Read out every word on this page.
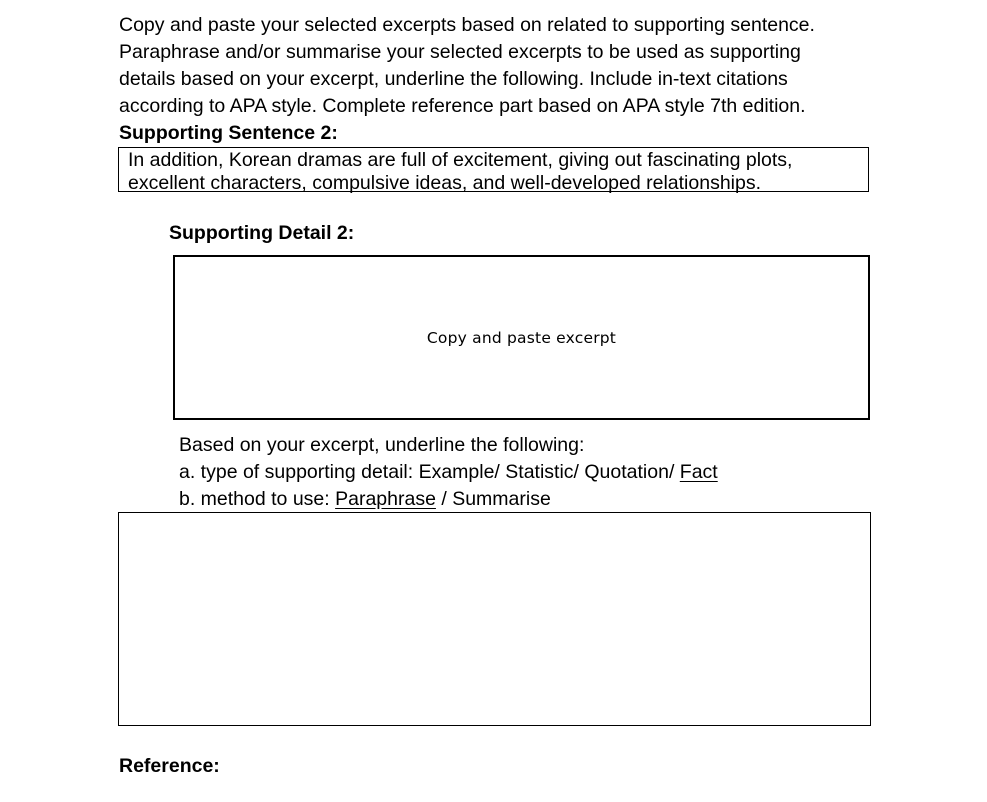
Copy and paste your selected excerpts based on related to supporting sentence.
Paraphrase and/or summarise your selected excerpts to be used as supporting
details based on your excerpt, underline the following. Include in-text citations
according to APA style. Complete reference part based on APA style 7th edition.
Supporting Sentence 2:
In addition, Korean dramas are full of excitement, giving out fascinating plots,
excellent characters, compulsive ideas, and well-developed relationships.
Supporting Detail 2:
Copy and paste excerpt
Based on your excerpt, underline the following:
a. type of supporting detail: Example/ Statistic/ Quotation/ Fact
b. method to use: Paraphrase / Summarise
Reference:
